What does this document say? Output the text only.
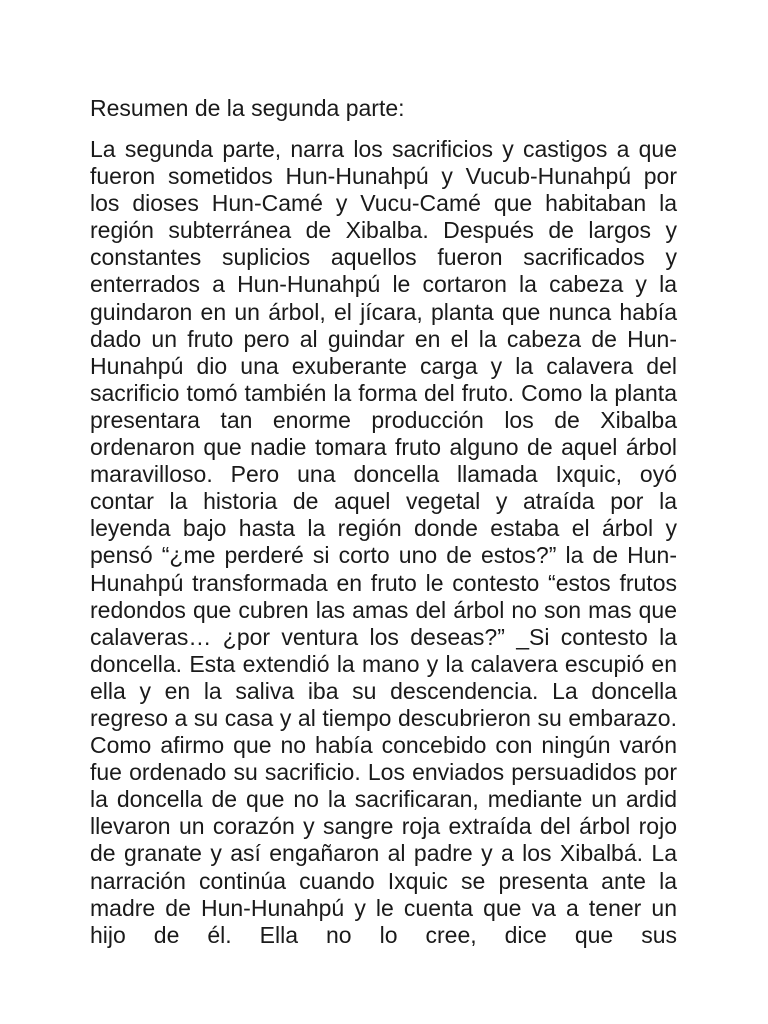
Resumen de la segunda parte:

La segunda parte, narra los sacrificios y castigos a que fueron sometidos Hun-Hunahpú y Vucub-Hunahpú por los dioses Hun-Camé y Vucu-Camé que habitaban la región subterránea de Xibalba. Después de largos y constantes suplicios aquellos fueron sacrificados y enterrados a Hun-Hunahpú le cortaron la cabeza y la guindaron en un árbol, el jícara, planta que nunca había dado un fruto pero al guindar en el la cabeza de Hun-Hunahpú dio una exuberante carga y la calavera del sacrificio tomó también la forma del fruto. Como la planta presentara tan enorme producción los de Xibalba ordenaron que nadie tomara fruto alguno de aquel árbol maravilloso. Pero una doncella llamada Ixquic, oyó contar la historia de aquel vegetal y atraída por la leyenda bajo hasta la región donde estaba el árbol y pensó “¿me perderé si corto uno de estos?” la de Hun-Hunahpú transformada en fruto le contesto “estos frutos redondos que cubren las amas del árbol no son mas que calaveras… ¿por ventura los deseas?” _Si contesto la doncella. Esta extendió la mano y la calavera escupió en ella y en la saliva iba su descendencia. La doncella regreso a su casa y al tiempo descubrieron su embarazo. Como afirmo que no había concebido con ningún varón fue ordenado su sacrificio. Los enviados persuadidos por la doncella de que no la sacrificaran, mediante un ardid llevaron un corazón y sangre roja extraída del árbol rojo de granate y así engañaron al padre y a los Xibalbá. La narración continúa cuando Ixquic se presenta ante la madre de Hun-Hunahpú y le cuenta que va a tener un hijo de él. Ella no lo cree, dice que sus
